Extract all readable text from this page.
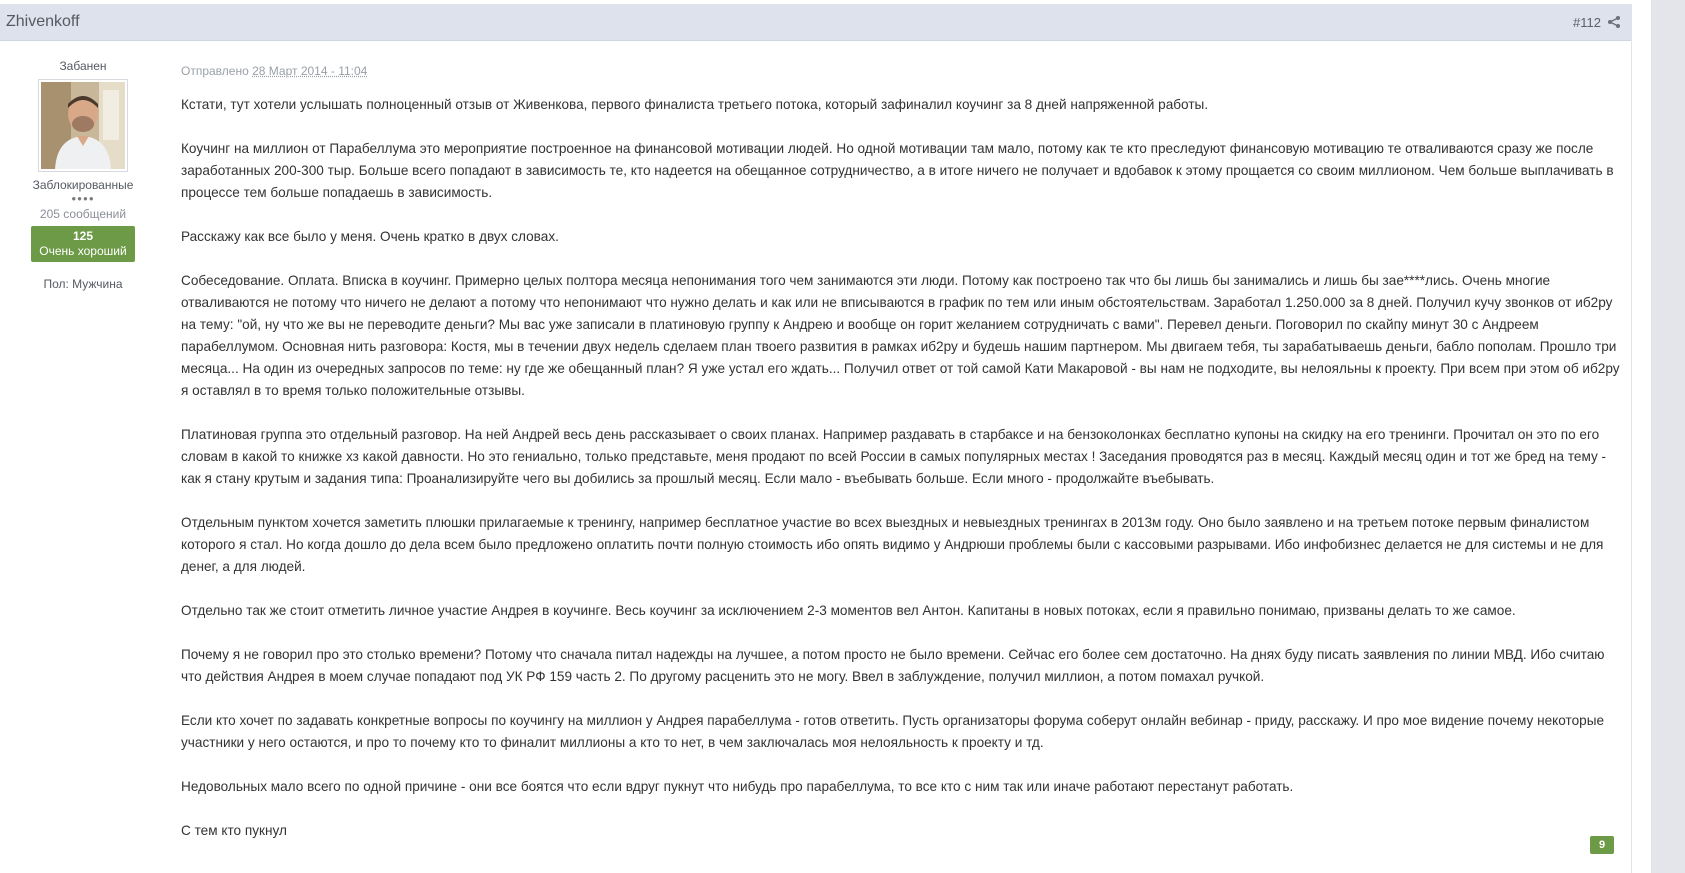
Zhivenkoff	#112
Забанен
Заблокированные
●●●●
205 сообщений
125
Очень хороший
Пол: Мужчина
Отправлено 28 Март 2014 - 11:04

Кстати, тут хотели услышать полноценный отзыв от Живенкова, первого финалиста третьего потока, который зафиналил коучинг за 8 дней напряженной работы.

Коучинг на миллион от Парабеллума это мероприятие построенное на финансовой мотивации людей. Но одной мотивации там мало, потому как те кто преследуют финансовую мотивацию те отваливаются сразу же после заработанных 200-300 тыр. Больше всего попадают в зависимость те, кто надеется на обещанное сотрудничество, а в итоге ничего не получает и вдобавок к этому прощается со своим миллионом. Чем больше выплачивать в процессе тем больше попадаешь в зависимость.

Расскажу как все было у меня. Очень кратко в двух словах.

Собеседование. Оплата. Вписка в коучинг. Примерно целых полтора месяца непонимания того чем занимаются эти люди. Потому как построено так что бы лишь бы занимались и лишь бы зае****лись. Очень многие отваливаются не потому что ничего не делают а потому что непонимают что нужно делать и как или не вписываются в график по тем или иным обстоятельствам. Заработал 1.250.000 за 8 дней. Получил кучу звонков от иб2ру на тему: "ой, ну что же вы не переводите деньги? Мы вас уже записали в платиновую группу к Андрею и вообще он горит желанием сотрудничать с вами". Перевел деньги. Поговорил по скайпу минут 30 с Андреем парабеллумом. Основная нить разговора: Костя, мы в течении двух недель сделаем план твоего развития в рамках иб2ру и будешь нашим партнером. Мы двигаем тебя, ты зарабатываешь деньги, бабло пополам. Прошло три месяца... На один из очередных запросов по теме: ну где же обещанный план? Я уже устал его ждать... Получил ответ от той самой Кати Макаровой - вы нам не подходите, вы нелояльны к проекту. При всем при этом об иб2ру я оставлял в то время только положительные отзывы.

Платиновая группа это отдельный разговор. На ней Андрей весь день рассказывает о своих планах. Например раздавать в старбаксе и на бензоколонках бесплатно купоны на скидку на его тренинги. Прочитал он это по его словам в какой то книжке хз какой давности. Но это гениально, только представьте, меня продают по всей России в самых популярных местах ! Заседания проводятся раз в месяц. Каждый месяц один и тот же бред на тему - как я стану крутым и задания типа: Проанализируйте чего вы добились за прошлый месяц. Если мало - въебывать больше. Если много - продолжайте въебывать.

Отдельным пунктом хочется заметить плюшки прилагаемые к тренингу, например бесплатное участие во всех выездных и невыездных тренингах в 2013м году. Оно было заявлено и на третьем потоке первым финалистом которого я стал. Но когда дошло до дела всем было предложено оплатить почти полную стоимость ибо опять видимо у Андрюши проблемы были с кассовыми разрывами. Ибо инфобизнес делается не для системы и не для денег, а для людей.

Отдельно так же стоит отметить личное участие Андрея в коучинге. Весь коучинг за исключением 2-3 моментов вел Антон. Капитаны в новых потоках, если я правильно понимаю, призваны делать то же самое.

Почему я не говорил про это столько времени? Потому что сначала питал надежды на лучшее, а потом просто не было времени. Сейчас его более сем достаточно. На днях буду писать заявления по линии МВД. Ибо считаю что действия Андрея в моем случае попадают под УК РФ 159 часть 2. По другому расценить это не могу. Ввел в заблуждение, получил миллион, а потом помахал ручкой.

Если кто хочет по задавать конкретные вопросы по коучингу на миллион у Андрея парабеллума - готов ответить. Пусть организаторы форума соберут онлайн вебинар - приду, расскажу. И про мое видение почему некоторые участники у него остаются, и про то почему кто то финалит миллионы а кто то нет, в чем заключалась моя нелояльность к проекту и тд.

Недовольных мало всего по одной причине - они все боятся что если вдруг пукнут что нибудь про парабеллума, то все кто с ним так или иначе работают перестанут работать.

С тем кто пукнул

9
